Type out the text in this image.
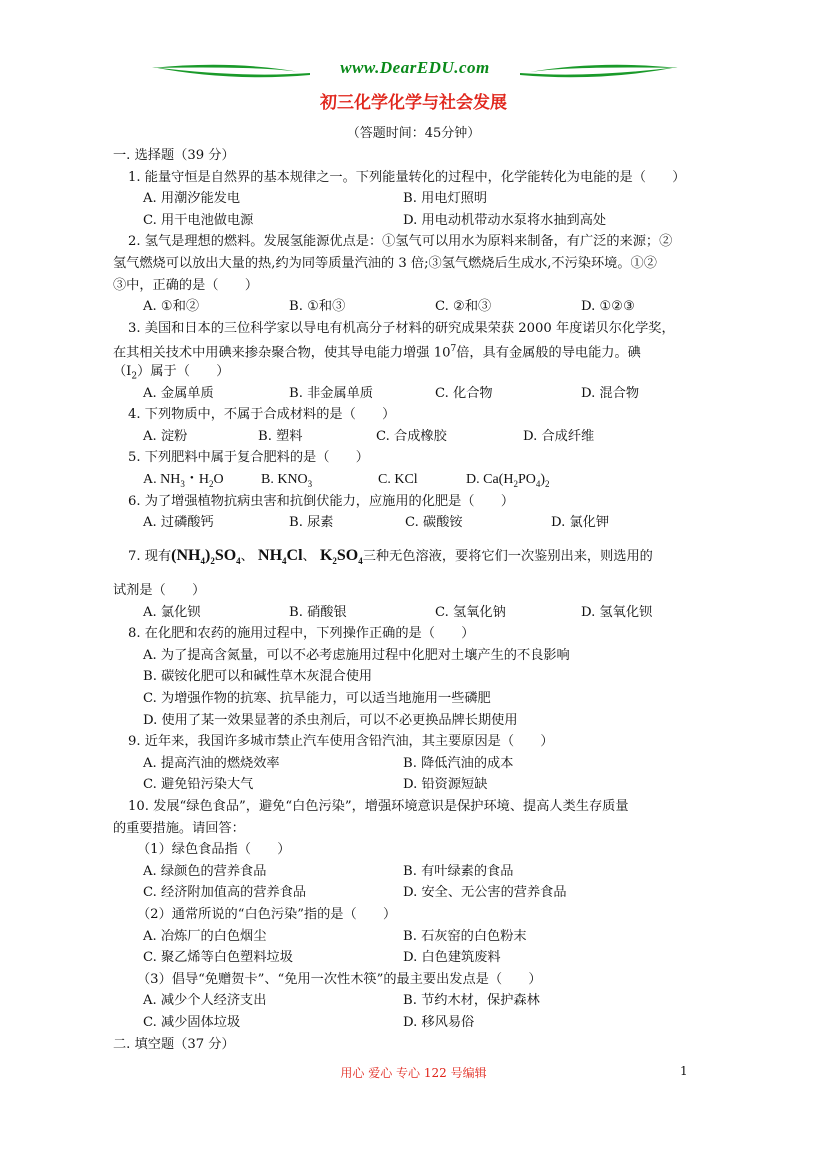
www.DearEDU.com
初三化学化学与社会发展
（答题时间：45分钟）
一. 选择题（39 分）
1. 能量守恒是自然界的基本规律之一。下列能量转化的过程中，化学能转化为电能的是（　　）
A. 用潮汐能发电	B. 用电灯照明
C. 用干电池做电源	D. 用电动机带动水泵将水抽到高处
2. 氢气是理想的燃料。发展氢能源优点是：①氢气可以用水为原料来制备，有广泛的来源；②
氢气燃烧可以放出大量的热,约为同等质量汽油的 3 倍;③氢气燃烧后生成水,不污染环境。①②
③中，正确的是（　　）
A. ①和②	B. ①和③	C. ②和③	D. ①②③
3. 美国和日本的三位科学家以导电有机高分子材料的研究成果荣获 2000 年度诺贝尔化学奖，
在其相关技术中用碘来掺杂聚合物，使其导电能力增强 $10^7$倍，具有金属般的导电能力。碘
$(I_2)$属于（　　）
A. 金属单质	B. 非金属单质	C. 化合物	D. 混合物
4. 下列物质中，不属于合成材料的是（　　）
A. 淀粉	B. 塑料	C. 合成橡胶	D. 合成纤维
5. 下列肥料中属于复合肥料的是（　　）
A. $NH_3$・$H_2O$	B. $KNO_3$	C. KCl	D. $Ca(H_2PO_4)_2$
6. 为了增强植物抗病虫害和抗倒伏能力，应施用的化肥是（　　）
A. 过磷酸钙	B. 尿素	C. 碳酸铵	D. 氯化钾
7. 现有$(NH_4)_2SO_4$、 $NH_4Cl$、 $K_2SO_4$三种无色溶液，要将它们一次鉴别出来，则选用的
试剂是（　　）
A. 氯化钡	B. 硝酸银	C. 氢氧化钠	D. 氢氧化钡
8. 在化肥和农药的施用过程中，下列操作正确的是（　　）
A. 为了提高含氮量，可以不必考虑施用过程中化肥对土壤产生的不良影响
B. 碳铵化肥可以和碱性草木灰混合使用
C. 为增强作物的抗寒、抗旱能力，可以适当地施用一些磷肥
D. 使用了某一效果显著的杀虫剂后，可以不必更换品牌长期使用
9. 近年来，我国许多城市禁止汽车使用含铅汽油，其主要原因是（　　）
A. 提高汽油的燃烧效率	B. 降低汽油的成本
C. 避免铅污染大气	D. 铅资源短缺
10. 发展“绿色食品”，避免“白色污染”，增强环境意识是保护环境、提高人类生存质量
的重要措施。请回答：
（1）绿色食品指（　　）
A. 绿颜色的营养食品	B. 有叶绿素的食品
C. 经济附加值高的营养食品	D. 安全、无公害的营养食品
（2）通常所说的“白色污染”指的是（　　）
A. 冶炼厂的白色烟尘	B. 石灰窑的白色粉末
C. 聚乙烯等白色塑料垃圾	D. 白色建筑废料
（3）倡导“免赠贺卡”、“免用一次性木筷”的最主要出发点是（　　）
A. 减少个人经济支出	B. 节约木材，保护森林
C. 减少固体垃圾	D. 移风易俗
二. 填空题（37 分）
用心 爱心 专心 122 号编辑	1
